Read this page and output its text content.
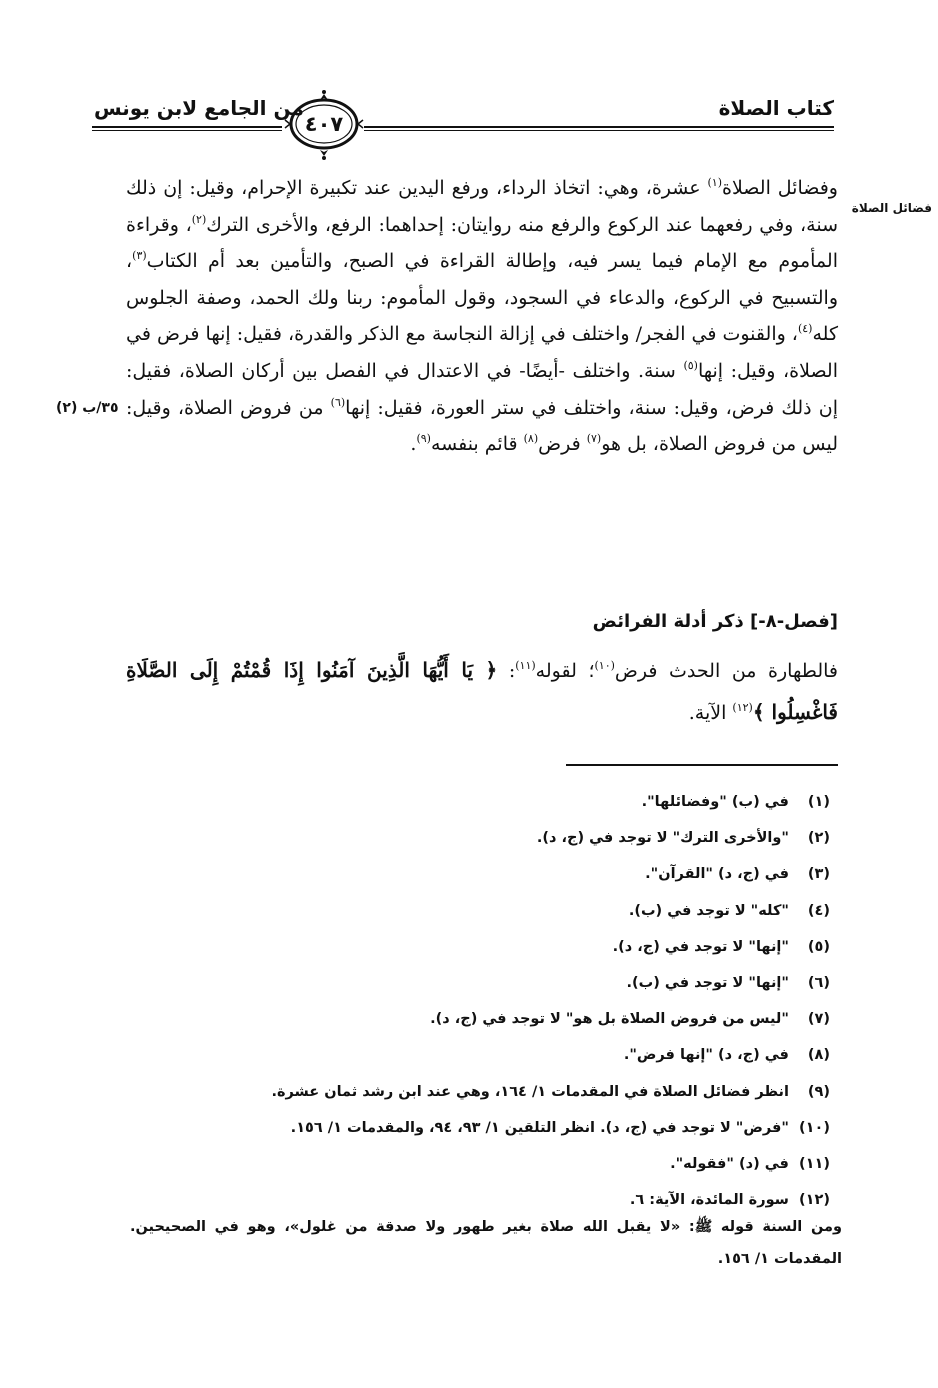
كتاب الصلاة
من الجامع لابن يونس
٤٠٧
فضائل الصلاة
٣٥/ب (٢)

وفضائل الصلاة$^{(١)}$ عشرة، وهي: اتخاذ الرداء، ورفع اليدين عند تكبيرة الإحرام، وقيل: إن ذلك سنة، وفي رفعهما عند الركوع والرفع منه روايتان: إحداهما: الرفع، والأخرى الترك$^{(٢)}$، وقراءة المأموم مع الإمام فيما يسر فيه، وإطالة القراءة في الصبح، والتأمين بعد أم الكتاب$^{(٣)}$، والتسبيح في الركوع، والدعاء في السجود، وقول المأموم: ربنا ولك الحمد، وصفة الجلوس كله$^{(٤)}$، والقنوت في الفجر/ واختلف في إزالة النجاسة مع الذكر والقدرة، فقيل: إنها فرض في الصلاة، وقيل: إنها$^{(٥)}$ سنة. واختلف -أيضًا- في الاعتدال في الفصل بين أركان الصلاة، فقيل: إن ذلك فرض، وقيل: سنة، واختلف في ستر العورة، فقيل: إنها$^{(٦)}$ من فروض الصلاة، وقيل: ليس من فروض الصلاة، بل هو$^{(٧)}$ فرض$^{(٨)}$ قائم بنفسه$^{(٩)}$.

[فصل-٨-] ذكر أدلة الفرائض

فالطهارة من الحدث فرض$^{(١٠)}$؛ لقوله$^{(١١)}$: ﴿ يَا أَيُّهَا الَّذِينَ آمَنُوا إِذَا قُمْتُمْ إِلَى الصَّلَاةِ فَاغْسِلُوا ﴾$^{(١٢)}$ الآية.

(١) في (ب) "وفضائلها".
(٢) "والأخرى الترك" لا توجد في (ج، د).
(٣) في (ج، د) "القرآن".
(٤) "كله" لا توجد في (ب).
(٥) "إنها" لا توجد في (ج، د).
(٦) "إنها" لا توجد في (ب).
(٧) "ليس من فروض الصلاة بل هو" لا توجد في (ج، د).
(٨) في (ج، د) "إنها فرض".
(٩) انظر فضائل الصلاة في المقدمات ١/ ١٦٤، وهي عند ابن رشد ثمان عشرة.
(١٠) "فرض" لا توجد في (ج، د). انظر التلقين ١/ ٩٣، ٩٤، والمقدمات ١/ ١٥٦.
(١١) في (د) "فقوله".
(١٢) سورة المائدة، الآية: ٦.
ومن السنة قوله ﷺ: «لا يقبل الله صلاة بغير طهور ولا صدقة من غلول»، وهو في الصحيحين. المقدمات ١/ ١٥٦.
